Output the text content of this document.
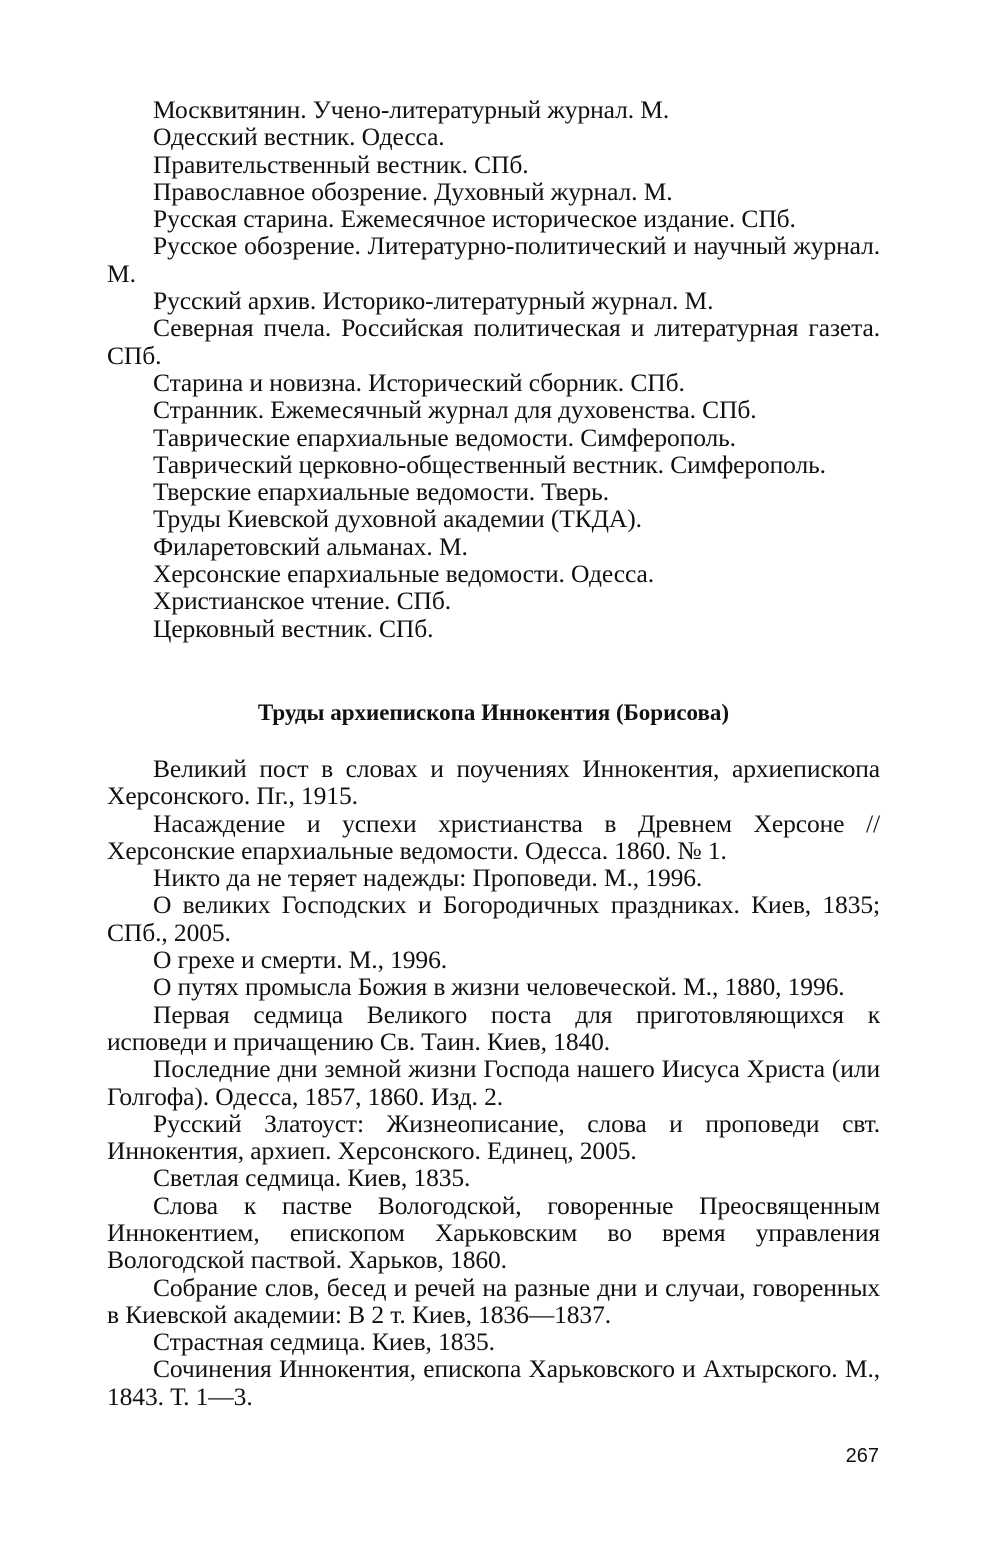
Москвитянин. Учено-литературный журнал. М.

Одесский вестник. Одесса.

Правительственный вестник. СПб.

Православное обозрение. Духовный журнал. М.

Русская старина. Ежемесячное историческое издание. СПб.

Русское обозрение. Литературно-политический и научный журнал. М.

Русский архив. Историко-литературный журнал. М.

Северная пчела. Российская политическая и литературная газета. СПб.

Старина и новизна. Исторический сборник. СПб.

Странник. Ежемесячный журнал для духовенства. СПб.

Таврические епархиальные ведомости. Симферополь.

Таврический церковно-общественный вестник. Симферополь.

Тверские епархиальные ведомости. Тверь.

Труды Киевской духовной академии (ТКДА).

Филаретовский альманах. М.

Херсонские епархиальные ведомости. Одесса.

Христианское чтение. СПб.

Церковный вестник. СПб.

Труды архиепископа Иннокентия (Борисова)

Великий пост в словах и поучениях Иннокентия, архиепископа Херсонского. Пг., 1915.

Насаждение и успехи христианства в Древнем Херсоне // Херсонские епархиальные ведомости. Одесса. 1860. № 1.

Никто да не теряет надежды: Проповеди. М., 1996.

О великих Господских и Богородичных праздниках. Киев, 1835; СПб., 2005.

О грехе и смерти. М., 1996.

О путях промысла Божия в жизни человеческой. М., 1880, 1996.

Первая седмица Великого поста для приготовляющихся к исповеди и причащению Св. Таин. Киев, 1840.

Последние дни земной жизни Господа нашего Иисуса Христа (или Голгофа). Одесса, 1857, 1860. Изд. 2.

Русский Златоуст: Жизнеописание, слова и проповеди свт. Иннокентия, архиеп. Херсонского. Единец, 2005.

Светлая седмица. Киев, 1835.

Слова к пастве Вологодской, говоренные Преосвященным Иннокентием, епископом Харьковским во время управления Вологодской паствой. Харьков, 1860.

Собрание слов, бесед и речей на разные дни и случаи, говоренных в Киевской академии: В 2 т. Киев, 1836—1837.

Страстная седмица. Киев, 1835.

Сочинения Иннокентия, епископа Харьковского и Ахтырского. М., 1843. Т. 1—3.

267
